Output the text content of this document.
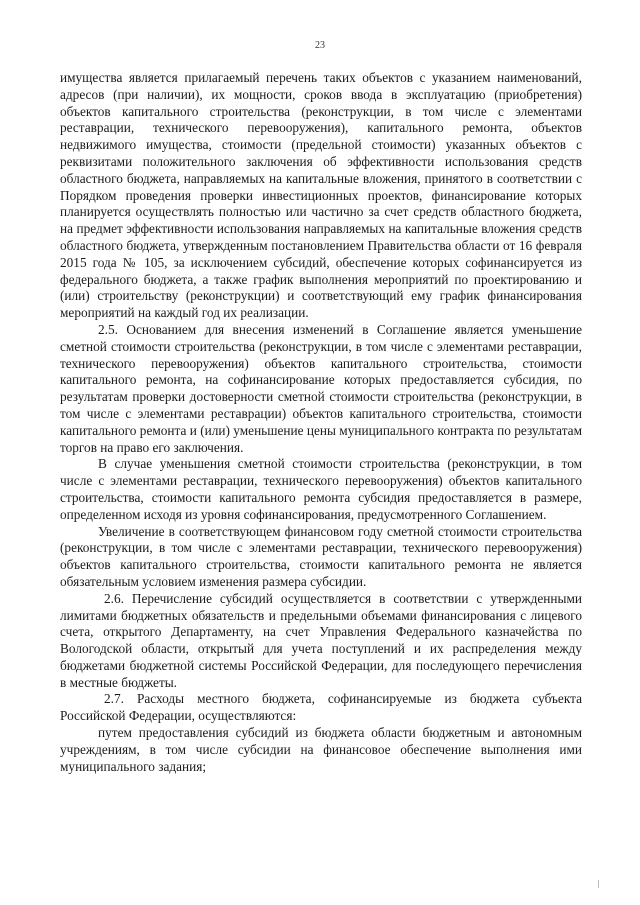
23

имущества является прилагаемый перечень таких объектов с указанием наименований, адресов (при наличии), их мощности, сроков ввода в эксплуатацию (приобретения) объектов капитального строительства (реконструкции, в том числе с элементами реставрации, технического перевооружения), капитального ремонта, объектов недвижимого имущества, стоимости (предельной стоимости) указанных объектов с реквизитами положительного заключения об эффективности использования средств областного бюджета, направляемых на капитальные вложения, принятого в соответствии с Порядком проведения проверки инвестиционных проектов, финансирование которых планируется осуществлять полностью или частично за счет средств областного бюджета, на предмет эффективности использования направляемых на капитальные вложения средств областного бюджета, утвержденным постановлением Правительства области от 16 февраля 2015 года № 105, за исключением субсидий, обеспечение которых софинансируется из федерального бюджета, а также график выполнения мероприятий по проектированию и (или) строительству (реконструкции) и соответствующий ему график финансирования мероприятий на каждый год их реализации.

2.5. Основанием для внесения изменений в Соглашение является уменьшение сметной стоимости строительства (реконструкции, в том числе с элементами реставрации, технического перевооружения) объектов капитального строительства, стоимости капитального ремонта, на софинансирование которых предоставляется субсидия, по результатам проверки достоверности сметной стоимости строительства (реконструкции, в том числе с элементами реставрации) объектов капитального строительства, стоимости капитального ремонта и (или) уменьшение цены муниципального контракта по результатам торгов на право его заключения.

В случае уменьшения сметной стоимости строительства (реконструкции, в том числе с элементами реставрации, технического перевооружения) объектов капитального строительства, стоимости капитального ремонта субсидия предоставляется в размере, определенном исходя из уровня софинансирования, предусмотренного Соглашением.

Увеличение в соответствующем финансовом году сметной стоимости строительства (реконструкции, в том числе с элементами реставрации, технического перевооружения) объектов капитального строительства, стоимости капитального ремонта не является обязательным условием изменения размера субсидии.

2.6. Перечисление субсидий осуществляется в соответствии с утвержденными лимитами бюджетных обязательств и предельными объемами финансирования с лицевого счета, открытого Департаменту, на счет Управления Федерального казначейства по Вологодской области, открытый для учета поступлений и их распределения между бюджетами бюджетной системы Российской Федерации, для последующего перечисления в местные бюджеты.

2.7. Расходы местного бюджета, софинансируемые из бюджета субъекта Российской Федерации, осуществляются:

путем предоставления субсидий из бюджета области бюджетным и автономным учреждениям, в том числе субсидии на финансовое обеспечение выполнения ими муниципального задания;
